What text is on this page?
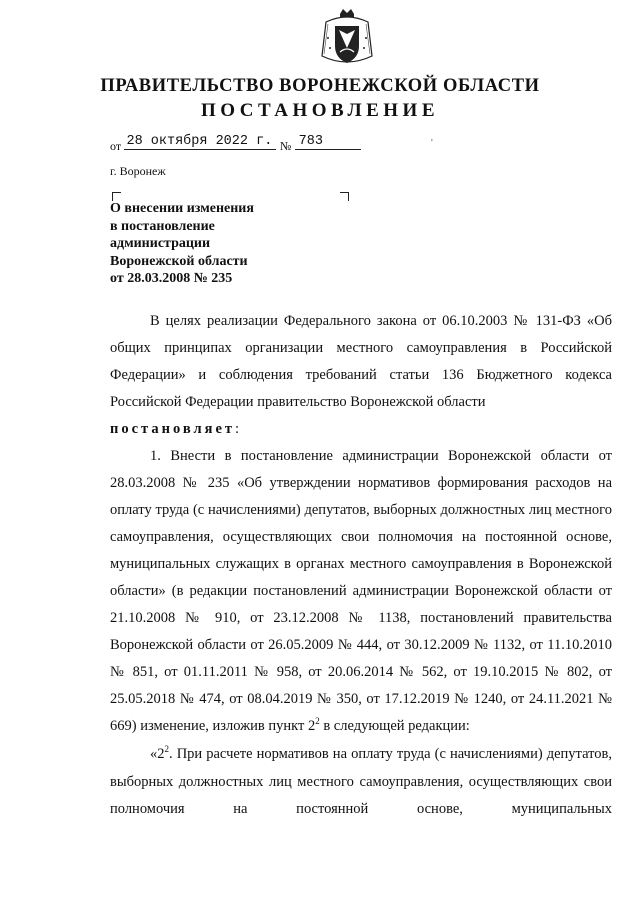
ПРАВИТЕЛЬСТВО ВОРОНЕЖСКОЙ ОБЛАСТИ
ПОСТАНОВЛЕНИЕ
от 28 октября 2022 г. № 783	'
г. Воронеж
О внесении изменения
в постановление
администрации
Воронежской области
от 28.03.2008 № 235

В целях реализации Федерального закона от 06.10.2003 № 131-ФЗ «Об общих принципах организации местного самоуправления в Российской Федерации» и соблюдения требований статьи 136 Бюджетного кодекса Российской Федерации правительство Воронежской области

постановляет:

1. Внести в постановление администрации Воронежской области от 28.03.2008 № 235 «Об утверждении нормативов формирования расходов на оплату труда (с начислениями) депутатов, выборных должностных лиц местного самоуправления, осуществляющих свои полномочия на постоянной основе, муниципальных служащих в органах местного самоуправления в Воронежской области» (в редакции постановлений администрации Воронежской области от 21.10.2008 № 910, от 23.12.2008 № 1138, постановлений правительства Воронежской области от 26.05.2009 № 444, от 30.12.2009 № 1132, от 11.10.2010 № 851, от 01.11.2011 № 958, от 20.06.2014 № 562, от 19.10.2015 № 802, от 25.05.2018 № 474, от 08.04.2019 № 350, от 17.12.2019 № 1240, от 24.11.2021 № 669) изменение, изложив пункт $2^2$ в следующей редакции:

«$2^2$. При расчете нормативов на оплату труда (с начислениями) депутатов, выборных должностных лиц местного самоуправления, осуществляющих свои полномочия на постоянной основе, муниципальных
